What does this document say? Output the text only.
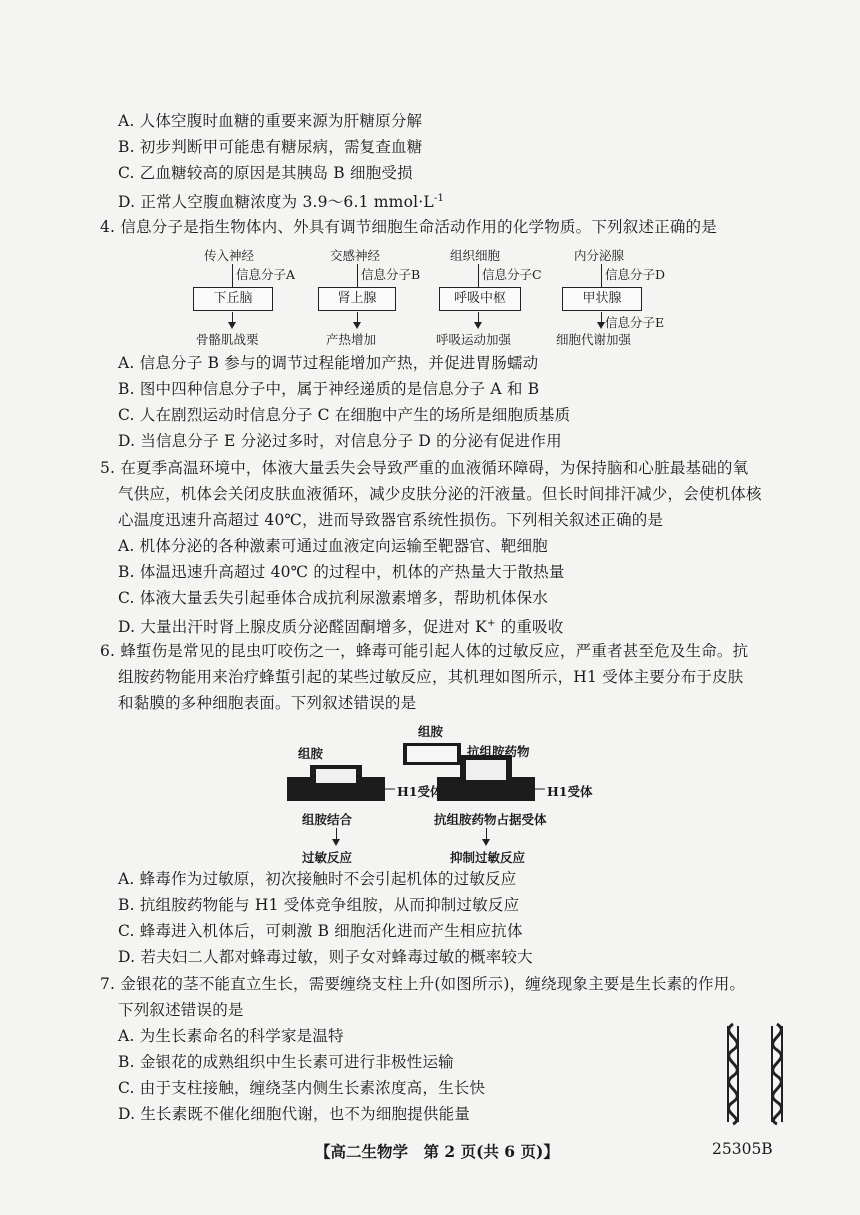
A. 人体空腹时血糖的重要来源为肝糖原分解
B. 初步判断甲可能患有糖尿病，需复查血糖
C. 乙血糖较高的原因是其胰岛 B 细胞受损
D. 正常人空腹血糖浓度为 3.9～6.1 $mmol\cdot L^{-1}$
4. 信息分子是指生物体内、外具有调节细胞生命活动作用的化学物质。下列叙述正确的是
传入神经
信息分子A
下丘脑
骨骼肌战栗
交感神经
信息分子B
肾上腺
产热增加
组织细胞
信息分子C
呼吸中枢
呼吸运动加强
内分泌腺
信息分子D
甲状腺
信息分子E
细胞代谢加强
A. 信息分子 B 参与的调节过程能增加产热，并促进胃肠蠕动
B. 图中四种信息分子中，属于神经递质的是信息分子 A 和 B
C. 人在剧烈运动时信息分子 C 在细胞中产生的场所是细胞质基质
D. 当信息分子 E 分泌过多时，对信息分子 D 的分泌有促进作用
5. 在夏季高温环境中，体液大量丢失会导致严重的血液循环障碍，为保持脑和心脏最基础的氧
气供应，机体会关闭皮肤血液循环，减少皮肤分泌的汗液量。但长时间排汗减少，会使机体核
心温度迅速升高超过 40℃，进而导致器官系统性损伤。下列相关叙述正确的是
A. 机体分泌的各种激素可通过血液定向运输至靶器官、靶细胞
B. 体温迅速升高超过 40℃ 的过程中，机体的产热量大于散热量
C. 体液大量丢失引起垂体合成抗利尿激素增多，帮助机体保水
D. 大量出汗时肾上腺皮质分泌醛固酮增多，促进对 K+ 的重吸收
6. 蜂蜇伤是常见的昆虫叮咬伤之一，蜂毒可能引起人体的过敏反应，严重者甚至危及生命。抗
组胺药物能用来治疗蜂蜇引起的某些过敏反应，其机理如图所示，H1 受体主要分布于皮肤
和黏膜的多种细胞表面。下列叙述错误的是
组胺
组胺	抗组胺药物
H1受体	H1受体
组胺结合	抗组胺药物占据受体
过敏反应	抑制过敏反应
A. 蜂毒作为过敏原，初次接触时不会引起机体的过敏反应
B. 抗组胺药物能与 H1 受体竞争组胺，从而抑制过敏反应
C. 蜂毒进入机体后，可刺激 B 细胞活化进而产生相应抗体
D. 若夫妇二人都对蜂毒过敏，则子女对蜂毒过敏的概率较大
7. 金银花的茎不能直立生长，需要缠绕支柱上升(如图所示)，缠绕现象主要是生长素的作用。
下列叙述错误的是
A. 为生长素命名的科学家是温特
B. 金银花的成熟组织中生长素可进行非极性运输
C. 由于支柱接触，缠绕茎内侧生长素浓度高，生长快
D. 生长素既不催化细胞代谢，也不为细胞提供能量
【高二生物学　第 2 页(共 6 页)】	25305B
